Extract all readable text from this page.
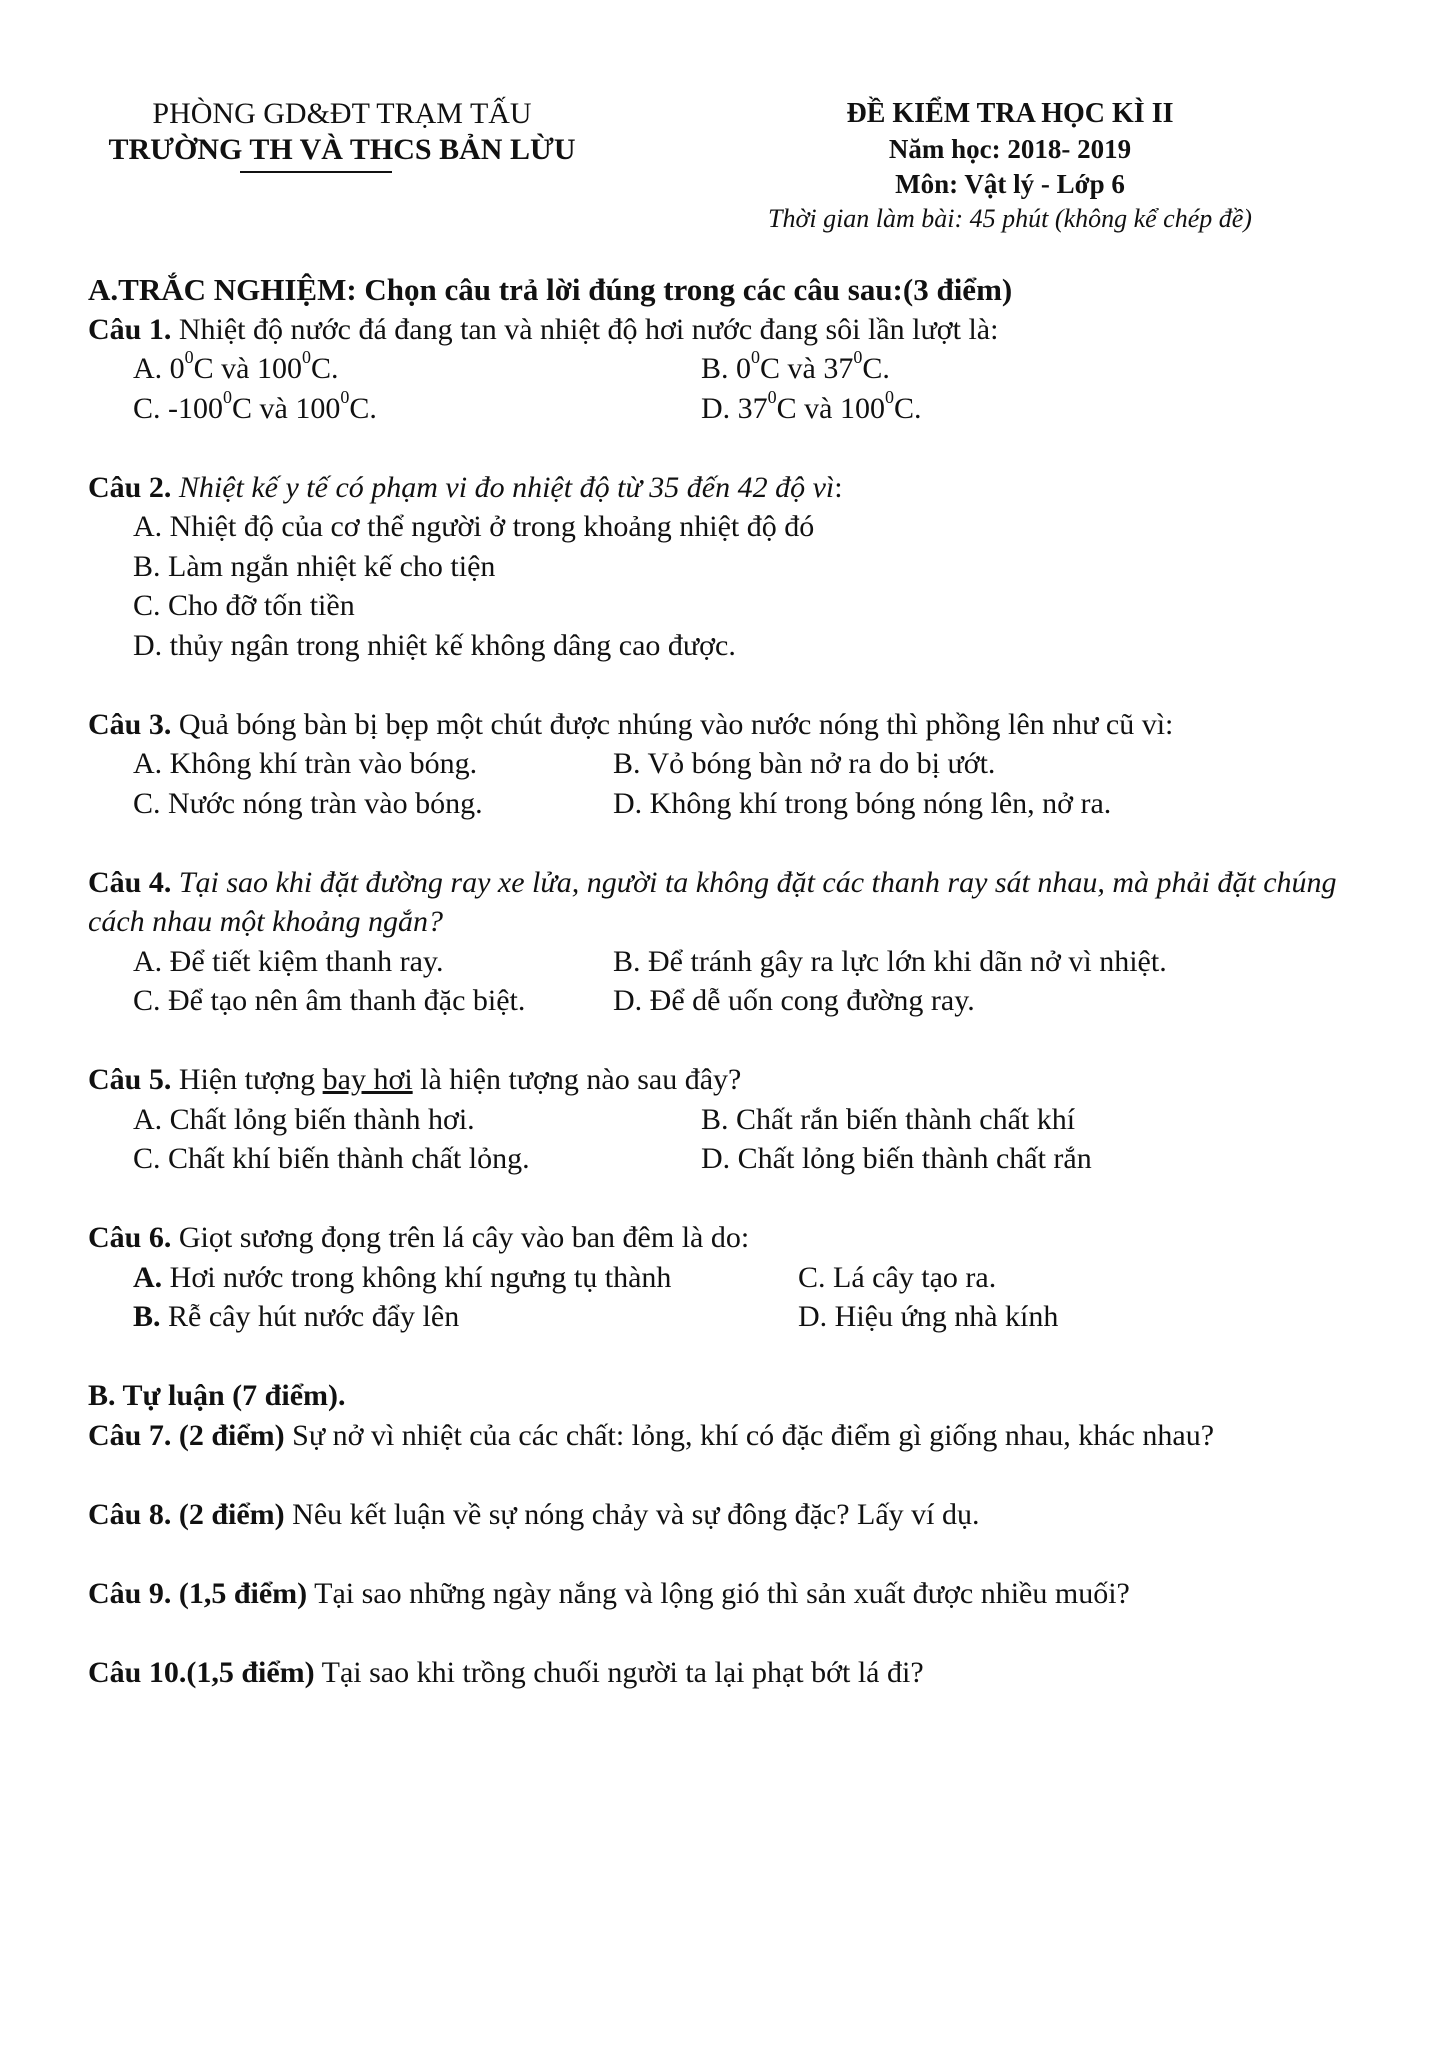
PHÒNG GD&ĐT TRẠM TẤU
TRƯỜNG TH VÀ THCS BẢN LỪU
ĐỀ KIỂM TRA HỌC KÌ II
Năm học: 2018- 2019
Môn: Vật lý - Lớp 6
Thời gian làm bài: 45 phút (không kể chép đề)
A.TRẮC NGHIỆM: Chọn câu trả lời đúng trong các câu sau:(3 điểm)
Câu 1. Nhiệt độ nước đá đang tan và nhiệt độ hơi nước đang sôi lần lượt là:
A. $0^0C$ và $100^0C$.	B. $0^0C$ và $37^0C$.
C. $-100^0C$ và $100^0C$.	D. $37^0C$ và $100^0C$.
Câu 2. Nhiệt kế y tế có phạm vi đo nhiệt độ từ 35 đến 42 độ vì:
A. Nhiệt độ của cơ thể người ở trong khoảng nhiệt độ đó
B. Làm ngắn nhiệt kế cho tiện
C. Cho đỡ tốn tiền
D. thủy ngân trong nhiệt kế không dâng cao được.
Câu 3. Quả bóng bàn bị bẹp một chút được nhúng vào nước nóng thì phồng lên như cũ vì:
A. Không khí tràn vào bóng.	B. Vỏ bóng bàn nở ra do bị ướt.
C. Nước nóng tràn vào bóng.	D. Không khí trong bóng nóng lên, nở ra.
Câu 4. Tại sao khi đặt đường ray xe lửa, người ta không đặt các thanh ray sát nhau, mà phải đặt chúng cách nhau một khoảng ngắn?
A. Để tiết kiệm thanh ray.	B. Để tránh gây ra lực lớn khi dãn nở vì nhiệt.
C. Để tạo nên âm thanh đặc biệt.	D. Để dễ uốn cong đường ray.
Câu 5. Hiện tượng bay hơi là hiện tượng nào sau đây?
A. Chất lỏng biến thành hơi.	B. Chất rắn biến thành chất khí
C. Chất khí biến thành chất lỏng.	D. Chất lỏng biến thành chất rắn
Câu 6. Giọt sương đọng trên lá cây vào ban đêm là do:
A. Hơi nước trong không khí ngưng tụ thành	C. Lá cây tạo ra.
B. Rễ cây hút nước đẩy lên	D. Hiệu ứng nhà kính
B. Tự luận (7 điểm).
Câu 7. (2 điểm) Sự nở vì nhiệt của các chất: lỏng, khí có đặc điểm gì giống nhau, khác nhau?
Câu 8. (2 điểm) Nêu kết luận về sự nóng chảy và sự đông đặc? Lấy ví dụ.
Câu 9. (1,5 điểm) Tại sao những ngày nắng và lộng gió thì sản xuất được nhiều muối?
Câu 10.(1,5 điểm) Tại sao khi trồng chuối người ta lại phạt bớt lá đi?
